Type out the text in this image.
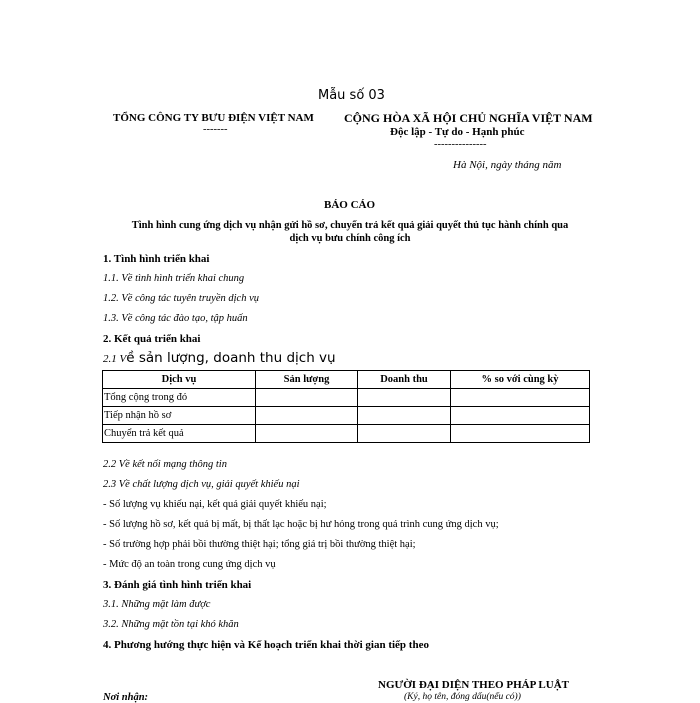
Mẫu số 03
TỔNG CÔNG TY BƯU ĐIỆN VIỆT NAM
-------
CỘNG HÒA XÃ HỘI CHỦ NGHĨA VIỆT NAM
Độc lập - Tự do - Hạnh phúc
---------------
Hà Nội, ngày tháng năm
BÁO CÁO
Tình hình cung ứng dịch vụ nhận gửi hồ sơ, chuyển trả kết quả giải quyết thủ tục hành chính qua
dịch vụ bưu chính công ích
1. Tình hình triển khai
1.1. Về tình hình triển khai chung
1.2. Về công tác tuyên truyền dịch vụ
1.3. Về công tác đào tạo, tập huấn
2. Kết quả triển khai
2.1 Về sản lượng, doanh thu dịch vụ
Dịch vụ	Sản lượng	Doanh thu	% so với cùng kỳ
Tổng cộng trong đó			
Tiếp nhận hồ sơ			
Chuyển trả kết quả			
2.2 Về kết nối mạng thông tin
2.3 Về chất lượng dịch vụ, giải quyết khiếu nại
- Số lượng vụ khiếu nại, kết quả giải quyết khiếu nại;
- Số lượng hồ sơ, kết quả bị mất, bị thất lạc hoặc bị hư hỏng trong quá trình cung ứng dịch vụ;
- Số trường hợp phải bồi thường thiệt hại; tổng giá trị bồi thường thiệt hại;
- Mức độ an toàn trong cung ứng dịch vụ
3. Đánh giá tình hình triển khai
3.1. Những mặt làm được
3.2. Những mặt tồn tại khó khăn
4. Phương hướng thực hiện và Kế hoạch triển khai thời gian tiếp theo
NGƯỜI ĐẠI DIỆN THEO PHÁP LUẬT
(Ký, họ tên, đóng dấu(nếu có))
Nơi nhận:
